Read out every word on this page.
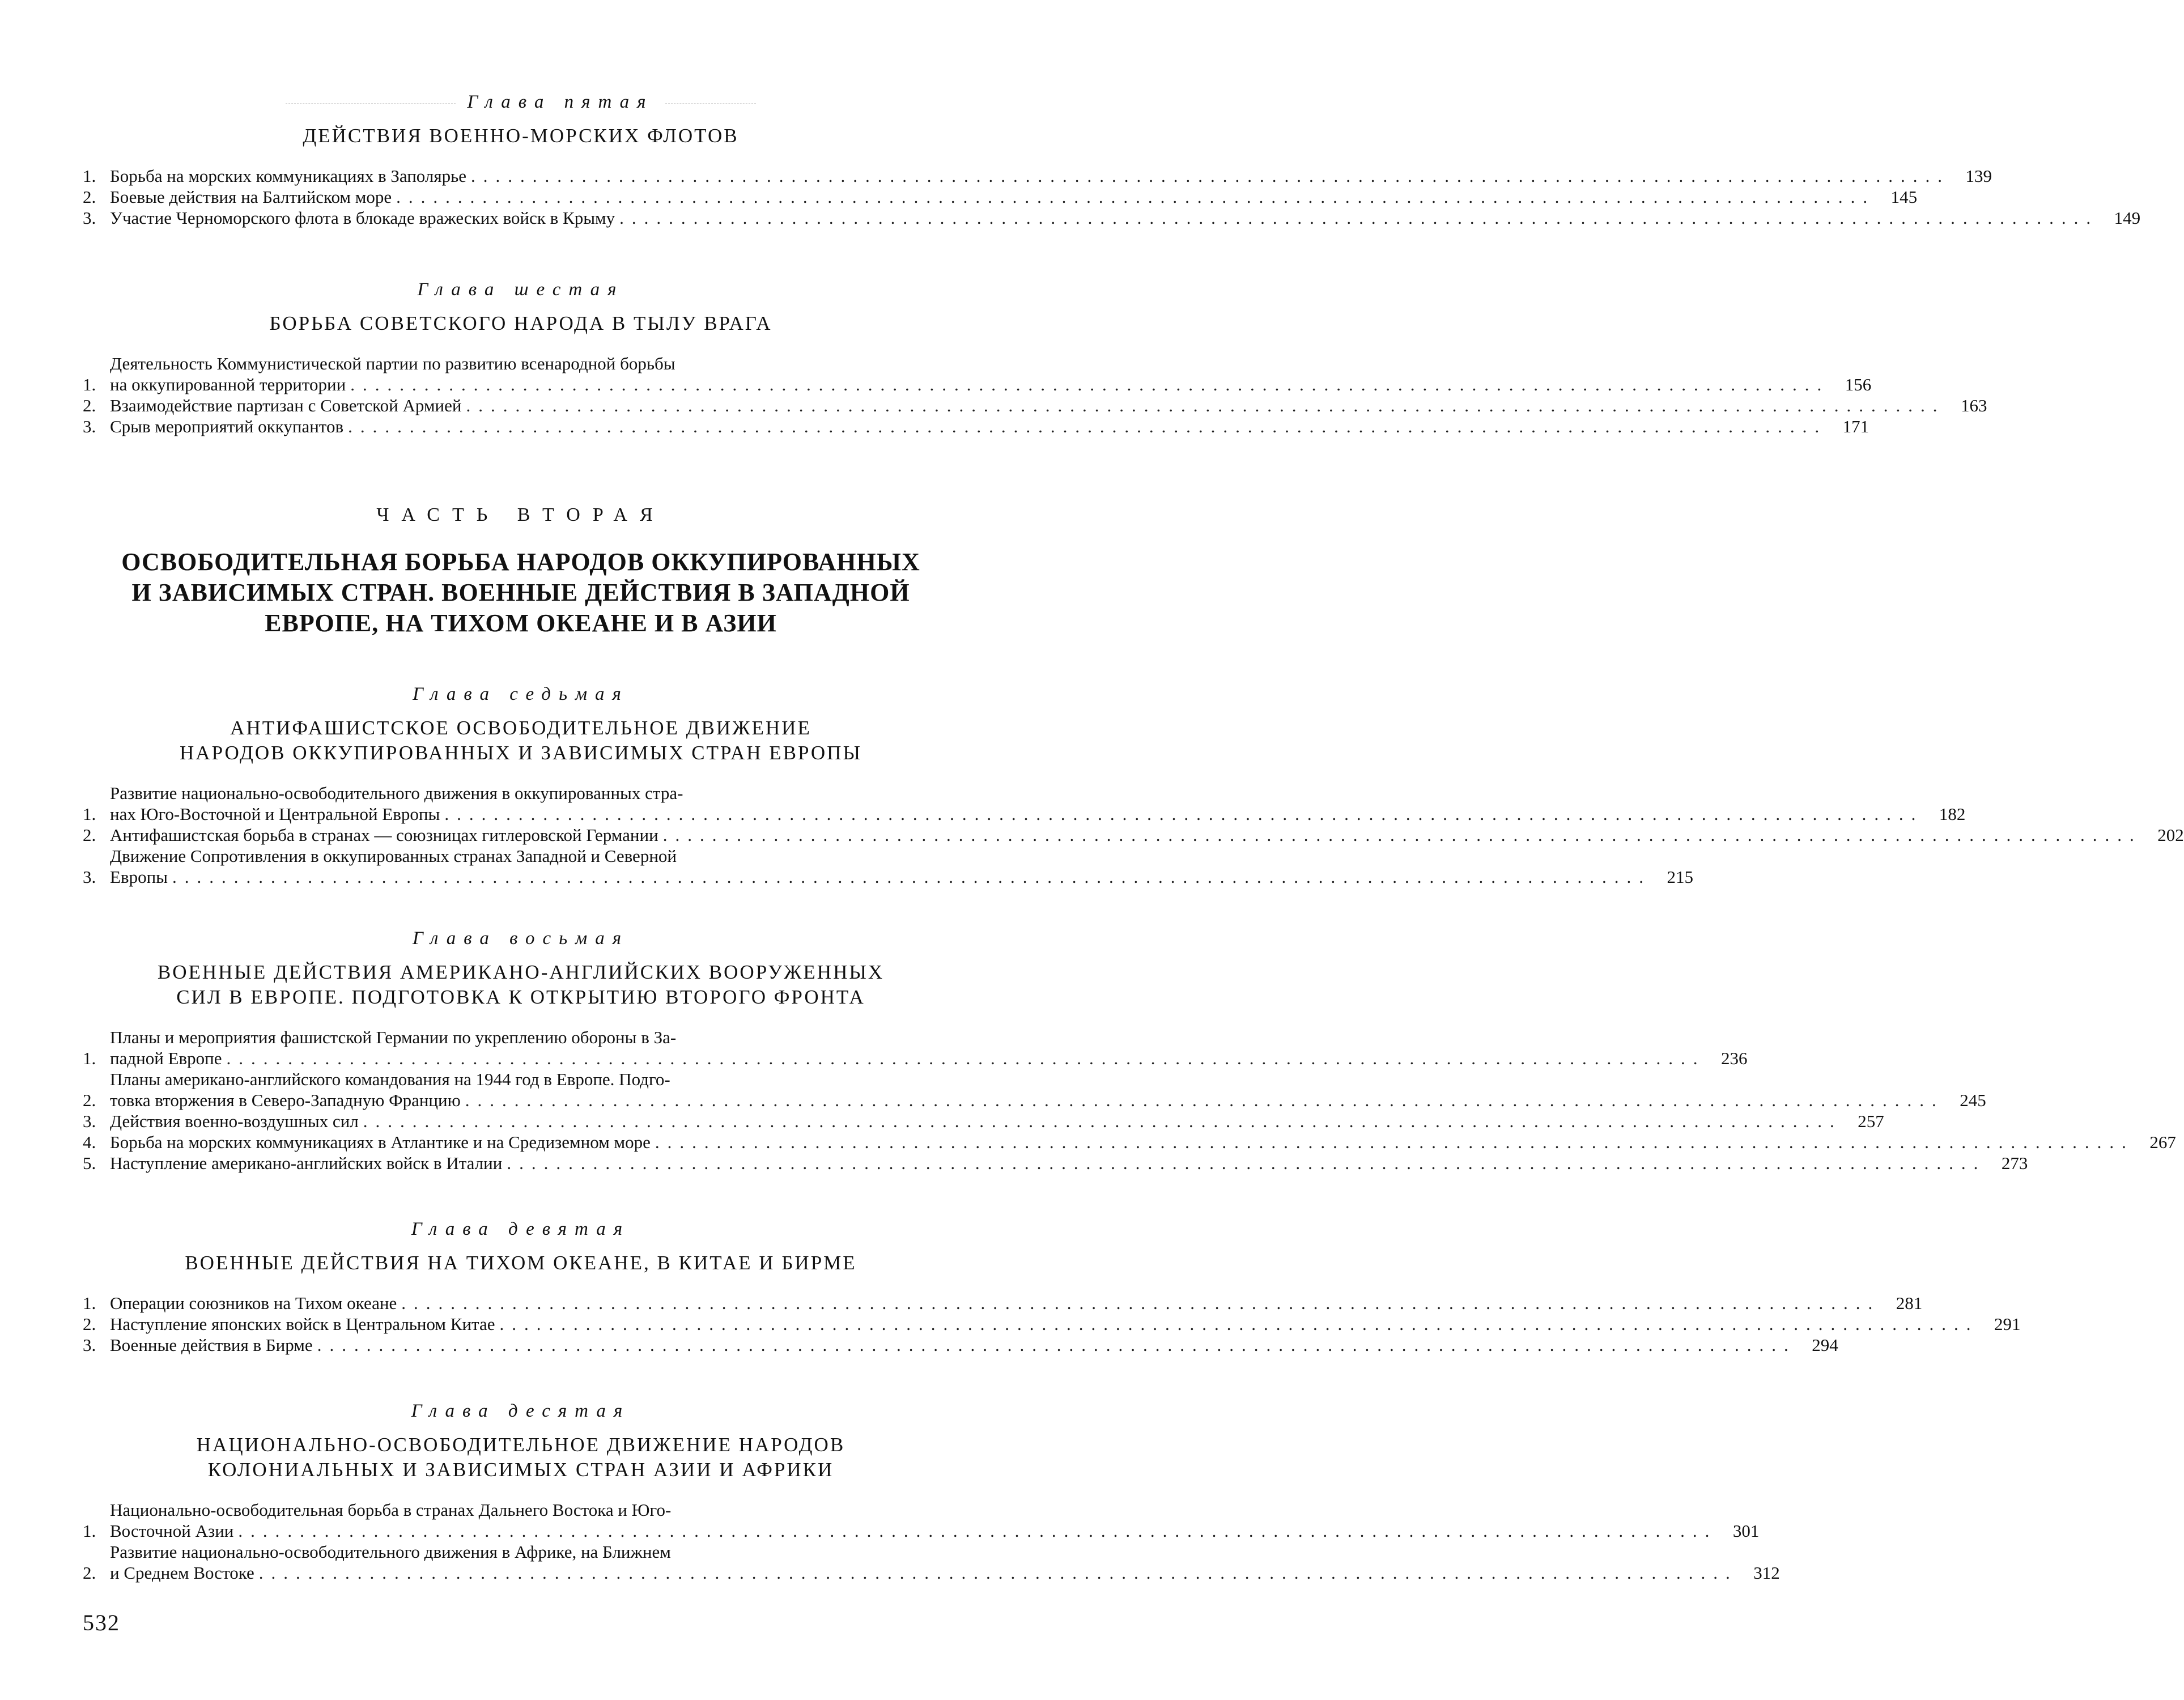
Глава пятая
ДЕЙСТВИЯ ВОЕННО-МОРСКИХ ФЛОТОВ
1. Борьба на морских коммуникациях в Заполярье ........................................................................................................................ 139
2. Боевые действия на Балтийском море ........................................................................................................................ 145
3. Участие Черноморского флота в блокаде вражеских войск в Крыму ........................................................................................................................ 149
Глава шестая
БОРЬБА СОВЕТСКОГО НАРОДА В ТЫЛУ ВРАГА
1.
Деятельность Коммунистической партии по развитию всенародной борьбы
на оккупированной территории ........................................................................................................................ 156
2. Взаимодействие партизан с Советской Армией ........................................................................................................................ 163
3. Срыв мероприятий оккупантов ........................................................................................................................ 171
ЧАСТЬ ВТОРАЯ
ОСВОБОДИТЕЛЬНАЯ БОРЬБА НАРОДОВ ОККУПИРОВАННЫХ
И ЗАВИСИМЫХ СТРАН. ВОЕННЫЕ ДЕЙСТВИЯ В ЗАПАДНОЙ
ЕВРОПЕ, НА ТИХОМ ОКЕАНЕ И В АЗИИ
Глава седьмая
АНТИФАШИСТСКОЕ ОСВОБОДИТЕЛЬНОЕ ДВИЖЕНИЕ
НАРОДОВ ОККУПИРОВАННЫХ И ЗАВИСИМЫХ СТРАН ЕВРОПЫ
1.
Развитие национально-освободительного движения в оккупированных стра-
нах Юго-Восточной и Центральной Европы ........................................................................................................................ 182
2. Антифашистская борьба в странах — союзницах гитлеровской Германии ........................................................................................................................ 202
3.
Движение Сопротивления в оккупированных странах Западной и Северной
Европы ........................................................................................................................ 215
Глава восьмая
ВОЕННЫЕ ДЕЙСТВИЯ АМЕРИКАНО-АНГЛИЙСКИХ ВООРУЖЕННЫХ
СИЛ В ЕВРОПЕ. ПОДГОТОВКА К ОТКРЫТИЮ ВТОРОГО ФРОНТА
1.
Планы и мероприятия фашистской Германии по укреплению обороны в За-
падной Европе ........................................................................................................................ 236
2.
Планы американо-английского командования на 1944 год в Европе. Подго-
товка вторжения в Северо-Западную Францию ........................................................................................................................ 245
3. Действия военно-воздушных сил ........................................................................................................................ 257
4. Борьба на морских коммуникациях в Атлантике и на Средиземном море ........................................................................................................................ 267
5. Наступление американо-английских войск в Италии ........................................................................................................................ 273
Глава девятая
ВОЕННЫЕ ДЕЙСТВИЯ НА ТИХОМ ОКЕАНЕ, В КИТАЕ И БИРМЕ
1. Операции союзников на Тихом океане ........................................................................................................................ 281
2. Наступление японских войск в Центральном Китае ........................................................................................................................ 291
3. Военные действия в Бирме ........................................................................................................................ 294
Глава десятая
НАЦИОНАЛЬНО-ОСВОБОДИТЕЛЬНОЕ ДВИЖЕНИЕ НАРОДОВ
КОЛОНИАЛЬНЫХ И ЗАВИСИМЫХ СТРАН АЗИИ И АФРИКИ
1.
Национально-освободительная борьба в странах Дальнего Востока и Юго-
Восточной Азии ........................................................................................................................ 301
2.
Развитие национально-освободительного движения в Африке, на Ближнем
и Среднем Востоке ........................................................................................................................ 312
532
